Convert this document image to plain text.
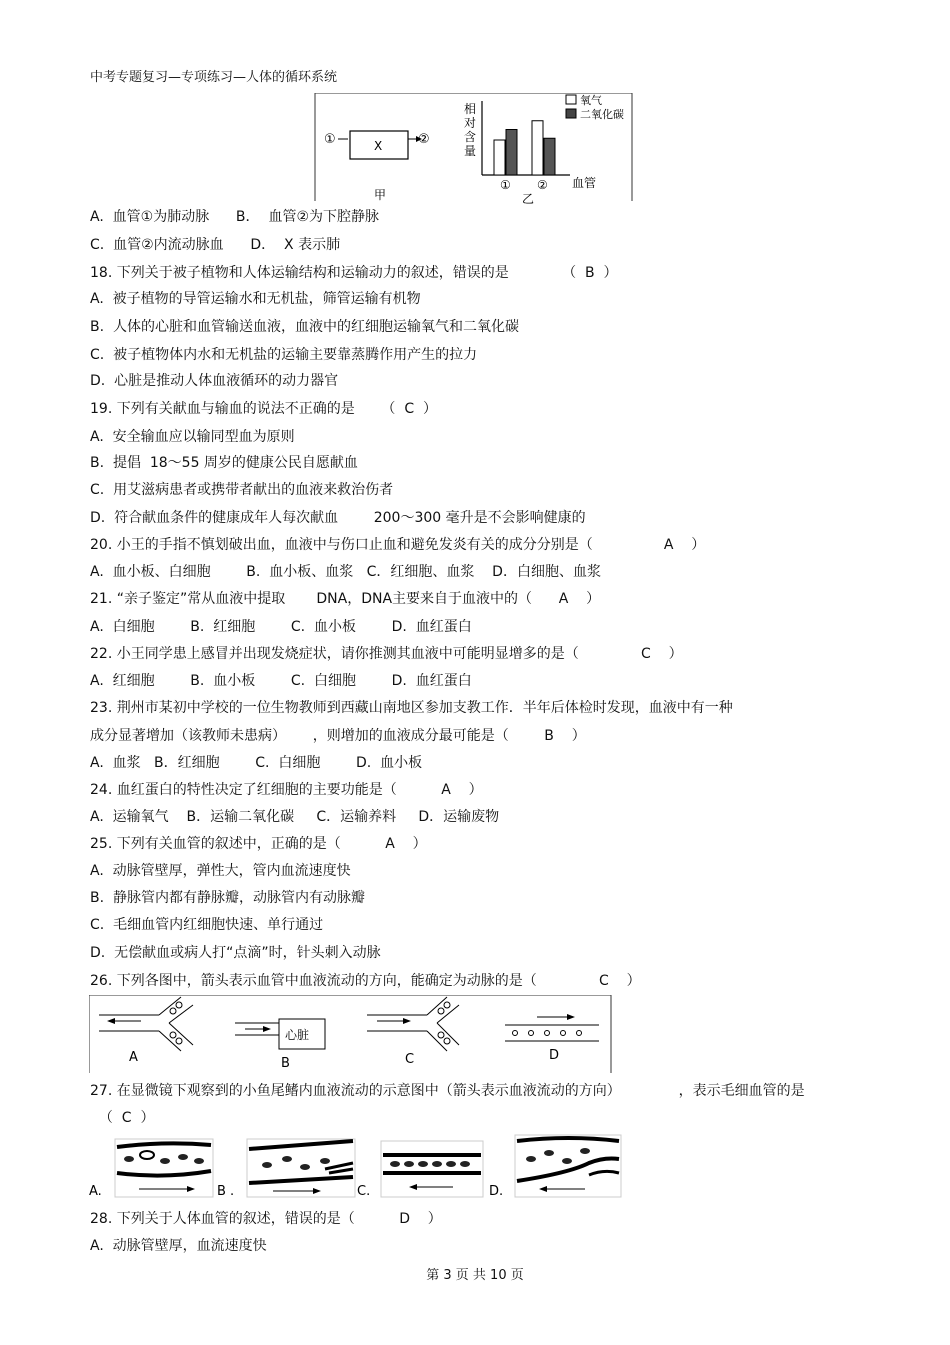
中考专题复习—专项练习—人体的循环系统
①	X	②
甲
相
对
含
量
① ② 血管
乙
氧气
二氧化碳
A.  血管①为肺动脉      B．  血管②为下腔静脉
C.  血管②内流动脉血      D．  X 表示肺
18. 下列关于被子植物和人体运输结构和运输动力的叙述，错误的是            （  B  ）
A.  被子植物的导管运输水和无机盐，筛管运输有机物
B.  人体的心脏和血管输送血液，血液中的红细胞运输氧气和二氧化碳
C.  被子植物体内水和无机盐的运输主要靠蒸腾作用产生的拉力
D.  心脏是推动人体血液循环的动力器官
19. 下列有关献血与输血的说法不正确的是      （  C  ）
A.  安全输血应以输同型血为原则
B.  提倡  18～55 周岁的健康公民自愿献血
C.  用艾滋病患者或携带者献出的血液来救治伤者
D.  符合献血条件的健康成年人每次献血        200～300 毫升是不会影响健康的
20. 小王的手指不慎划破出血，血液中与伤口止血和避免发炎有关的成分分别是（                A    ）
A.  血小板、白细胞        B.  血小板、血浆   C．红细胞、血浆    D．白细胞、血浆
21. “亲子鉴定”常从血液中提取       DNA，DNA主要来自于血液中的（      A    ）
A.  白细胞        B.  红细胞        C.  血小板        D.  血红蛋白
22. 小王同学患上感冒并出现发烧症状，请你推测其血液中可能明显增多的是（              C    ）
A.  红细胞        B.  血小板        C.  白细胞        D.  血红蛋白
23. 荆州市某初中学校的一位生物教师到西藏山南地区参加支教工作．半年后体检时发现，血液中有一种
成分显著增加（该教师未患病）      ，则增加的血液成分最可能是（        B    ）
A.  血浆   B．红细胞        C.  白细胞        D.  血小板
24. 血红蛋白的特性决定了红细胞的主要功能是（          A    ）
A.  运输氧气    B．运输二氧化碳     C．运输养料     D．运输废物
25. 下列有关血管的叙述中，正确的是（          A    ）
A.  动脉管壁厚，弹性大，管内血流速度快
B.  静脉管内都有静脉瓣，动脉管内有动脉瓣
C.  毛细血管内红细胞快速、单行通过
D.  无偿献血或病人打“点滴”时，针头刺入动脉
26. 下列各图中，箭头表示血管中血液流动的方向，能确定为动脉的是（              C    ）
27. 在显微镜下观察到的小鱼尾鳍内血液流动的示意图中（箭头表示血液流动的方向）             ，表示毛细血管的是
（  C  ）
28. 下列关于人体血管的叙述，错误的是（          D    ）
A.  动脉管壁厚，血流速度快
A
心脏
B	C	D
A.	B .	C.	D.
第 3 页 共 10 页
